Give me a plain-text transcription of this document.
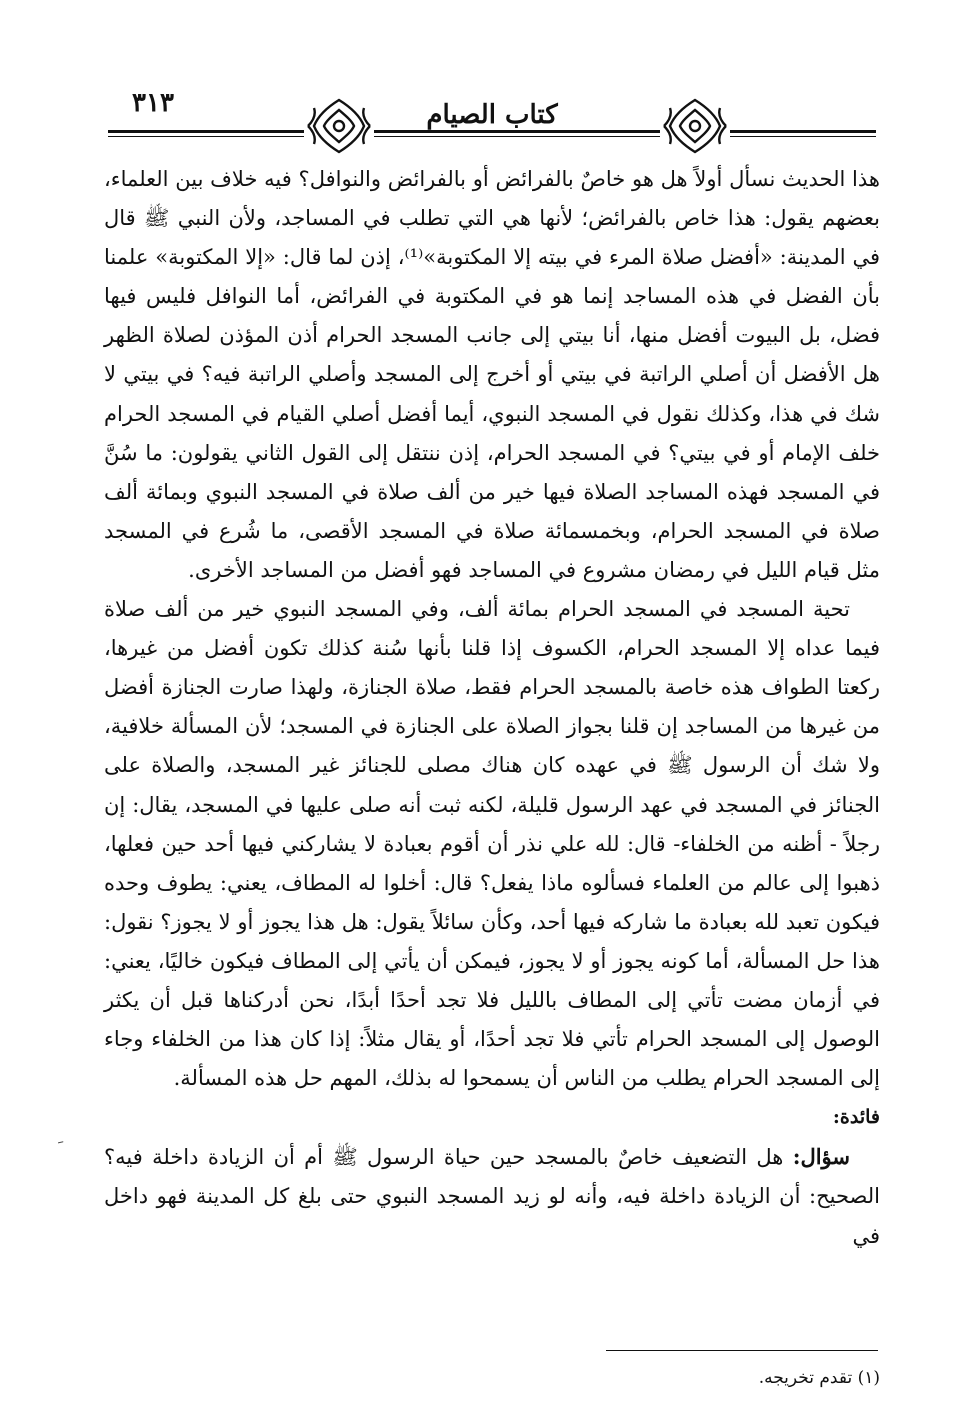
٣١٣	كتاب الصيام

هذا الحديث نسأل أولاً هل هو خاصٌ بالفرائض أو بالفرائض والنوافل؟ فيه خلاف بين العلماء، بعضهم يقول: هذا خاص بالفرائض؛ لأنها هي التي تطلب في المساجد، ولأن النبي ﷺ قال في المدينة: «أفضل صلاة المرء في بيته إلا المكتوبة»⁽¹⁾، إذن لما قال: «إلا المكتوبة» علمنا بأن الفضل في هذه المساجد إنما هو في المكتوبة في الفرائض، أما النوافل فليس فيها فضل، بل البيوت أفضل منها، أنا بيتي إلى جانب المسجد الحرام أذن المؤذن لصلاة الظهر هل الأفضل أن أصلي الراتبة في بيتي أو أخرج إلى المسجد وأصلي الراتبة فيه؟ في بيتي لا شك في هذا، وكذلك نقول في المسجد النبوي، أيما أفضل أصلي القيام في المسجد الحرام خلف الإمام أو في بيتي؟ في المسجد الحرام، إذن ننتقل إلى القول الثاني يقولون: ما سُنَّ في المسجد فهذه المساجد الصلاة فيها خير من ألف صلاة في المسجد النبوي وبمائة ألف صلاة في المسجد الحرام، وبخمسمائة صلاة في المسجد الأقصى، ما شُرع في المسجد مثل قيام الليل في رمضان مشروع في المساجد فهو أفضل من المساجد الأخرى.

تحية المسجد في المسجد الحرام بمائة ألف، وفي المسجد النبوي خير من ألف صلاة فيما عداه إلا المسجد الحرام، الكسوف إذا قلنا بأنها سُنة كذلك تكون أفضل من غيرها، ركعتا الطواف هذه خاصة بالمسجد الحرام فقط، صلاة الجنازة، ولهذا صارت الجنازة أفضل من غيرها من المساجد إن قلنا بجواز الصلاة على الجنازة في المسجد؛ لأن المسألة خلافية، ولا شك أن الرسول ﷺ في عهده كان هناك مصلى للجنائز غير المسجد، والصلاة على الجنائز في المسجد في عهد الرسول قليلة، لكنه ثبت أنه صلى عليها في المسجد، يقال: إن رجلاً - أظنه من الخلفاء- قال: لله علي نذر أن أقوم بعبادة لا يشاركني فيها أحد حين فعلها، ذهبوا إلى عالم من العلماء فسألوه ماذا يفعل؟ قال: أخلوا له المطاف، يعني: يطوف وحده فيكون تعبد لله بعبادة ما شاركه فيها أحد، وكأن سائلاً يقول: هل هذا يجوز أو لا يجوز؟ نقول: هذا حل المسألة، أما كونه يجوز أو لا يجوز، فيمكن أن يأتي إلى المطاف فيكون خاليًا، يعني: في أزمان مضت تأتي إلى المطاف بالليل فلا تجد أحدًا أبدًا، نحن أدركناها قبل أن يكثر الوصول إلى المسجد الحرام تأتي فلا تجد أحدًا، أو يقال مثلاً: إذا كان هذا من الخلفاء وجاء إلى المسجد الحرام يطلب من الناس أن يسمحوا له بذلك، المهم حل هذه المسألة.

فائدة:

سؤال: هل التضعيف خاصٌ بالمسجد حين حياة الرسول ﷺ أم أن الزيادة داخلة فيه؟ الصحيح: أن الزيادة داخلة فيه، وأنه لو زيد المسجد النبوي حتى بلغ كل المدينة فهو داخل في

ﹶ
(١) تقدم تخريجه.
